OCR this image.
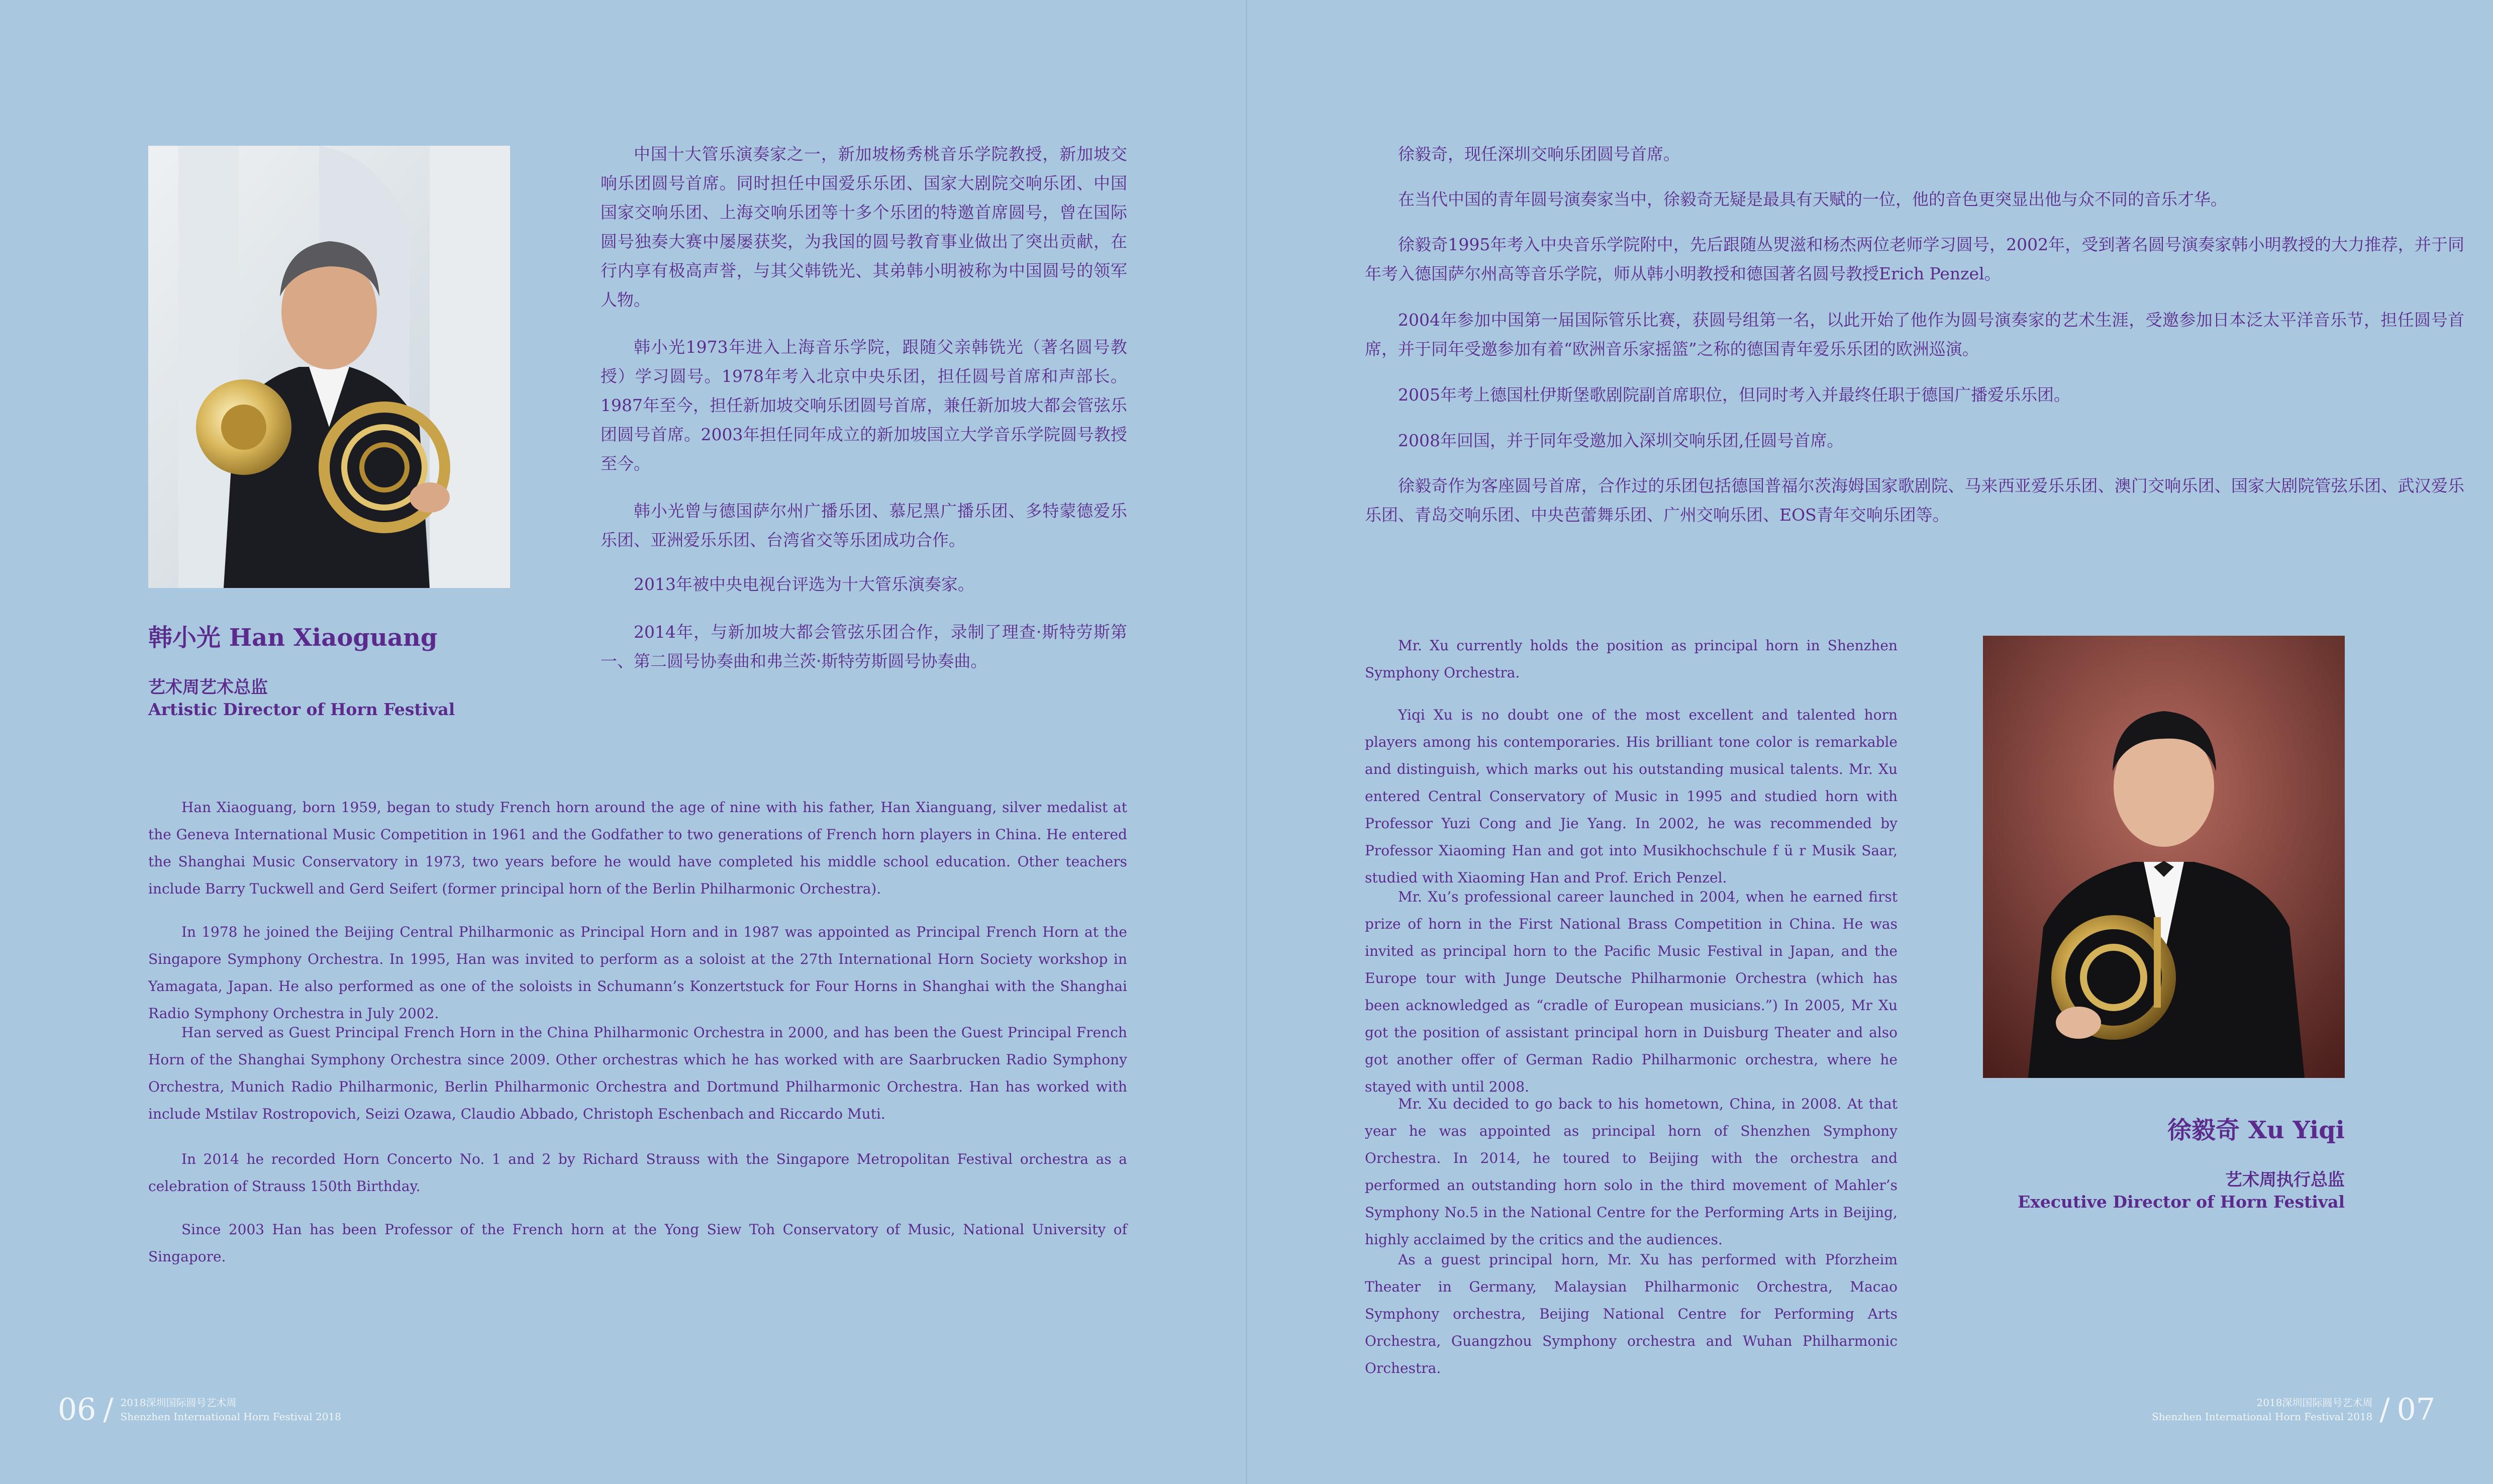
中国十大管乐演奏家之一，新加坡杨秀桃音乐学院教授，新加坡交响乐团圆号首席。同时担任中国爱乐乐团、国家大剧院交响乐团、中国国家交响乐团、上海交响乐团等十多个乐团的特邀首席圆号，曾在国际圆号独奏大赛中屡屡获奖，为我国的圆号教育事业做出了突出贡献，在行内享有极高声誉，与其父韩铣光、其弟韩小明被称为中国圆号的领军人物。

韩小光1973年进入上海音乐学院，跟随父亲韩铣光（著名圆号教授）学习圆号。1978年考入北京中央乐团，担任圆号首席和声部长。1987年至今，担任新加坡交响乐团圆号首席，兼任新加坡大都会管弦乐团圆号首席。2003年担任同年成立的新加坡国立大学音乐学院圆号教授至今。

韩小光曾与德国萨尔州广播乐团、慕尼黑广播乐团、多特蒙德爱乐乐团、亚洲爱乐乐团、台湾省交等乐团成功合作。

2013年被中央电视台评选为十大管乐演奏家。

2014年，与新加坡大都会管弦乐团合作，录制了理查·斯特劳斯第一、第二圆号协奏曲和弗兰茨·斯特劳斯圆号协奏曲。

韩小光 Han Xiaoguang

艺术周艺术总监

Artistic Director of Horn Festival

Han Xiaoguang, born 1959, began to study French horn around the age of nine with his father, Han Xianguang, silver medalist at the Geneva International Music Competition in 1961 and the Godfather to two generations of French horn players in China. He entered the Shanghai Music Conservatory in 1973, two years before he would have completed his middle school education. Other teachers include Barry Tuckwell and Gerd Seifert (former principal horn of the Berlin Philharmonic Orchestra).

In 1978 he joined the Beijing Central Philharmonic as Principal Horn and in 1987 was appointed as Principal French Horn at the Singapore Symphony Orchestra. In 1995, Han was invited to perform as a soloist at the 27th International Horn Society workshop in Yamagata, Japan. He also performed as one of the soloists in Schumann’s Konzertstuck for Four Horns in Shanghai with the Shanghai Radio Symphony Orchestra in July 2002.

Han served as Guest Principal French Horn in the China Philharmonic Orchestra in 2000, and has been the Guest Principal French Horn of the Shanghai Symphony Orchestra since 2009. Other orchestras which he has worked with are Saarbrucken Radio Symphony Orchestra, Munich Radio Philharmonic, Berlin Philharmonic Orchestra and Dortmund Philharmonic Orchestra. Han has worked with include Mstilav Rostropovich, Seizi Ozawa, Claudio Abbado, Christoph Eschenbach and Riccardo Muti.

In 2014 he recorded Horn Concerto No. 1 and 2 by Richard Strauss with the Singapore Metropolitan Festival orchestra as a celebration of Strauss 150th Birthday.

Since 2003 Han has been Professor of the French horn at the Yong Siew Toh Conservatory of Music, National University of Singapore.

06 / 2018深圳国际圆号艺术周
Shenzhen International Horn Festival 2018

徐毅奇，现任深圳交响乐团圆号首席。

在当代中国的青年圆号演奏家当中，徐毅奇无疑是最具有天赋的一位，他的音色更突显出他与众不同的音乐才华。

徐毅奇1995年考入中央音乐学院附中，先后跟随丛焸滋和杨杰两位老师学习圆号，2002年，受到著名圆号演奏家韩小明教授的大力推荐，并于同年考入德国萨尔州高等音乐学院，师从韩小明教授和德国著名圆号教授Erich Penzel。

2004年参加中国第一届国际管乐比赛，获圆号组第一名，以此开始了他作为圆号演奏家的艺术生涯，受邀参加日本泛太平洋音乐节，担任圆号首席，并于同年受邀参加有着“欧洲音乐家摇篮”之称的德国青年爱乐乐团的欧洲巡演。

2005年考上德国杜伊斯堡歌剧院副首席职位，但同时考入并最终任职于德国广播爱乐乐团。

2008年回国，并于同年受邀加入深圳交响乐团,任圆号首席。

徐毅奇作为客座圆号首席，合作过的乐团包括德国普福尔茨海姆国家歌剧院、马来西亚爱乐乐团、澳门交响乐团、国家大剧院管弦乐团、武汉爱乐乐团、青岛交响乐团、中央芭蕾舞乐团、广州交响乐团、EOS青年交响乐团等。

Mr. Xu currently holds the position as principal horn in Shenzhen Symphony Orchestra.

Yiqi Xu is no doubt one of the most excellent and talented horn players among his contemporaries. His brilliant tone color is remarkable and distinguish, which marks out his outstanding musical talents. Mr. Xu entered Central Conservatory of Music in 1995 and studied horn with Professor Yuzi Cong and Jie Yang. In 2002, he was recommended by Professor Xiaoming Han and got into Musikhochschule f ü r Musik Saar, studied with Xiaoming Han and Prof. Erich Penzel.

Mr. Xu’s professional career launched in 2004, when he earned first prize of horn in the First National Brass Competition in China. He was invited as principal horn to the Pacific Music Festival in Japan, and the Europe tour with Junge Deutsche Philharmonie Orchestra (which has been acknowledged as “cradle of European musicians.”) In 2005, Mr Xu got the position of assistant principal horn in Duisburg Theater and also got another offer of German Radio Philharmonic orchestra, where he stayed with until 2008.

Mr. Xu decided to go back to his hometown, China, in 2008. At that year he was appointed as principal horn of Shenzhen Symphony Orchestra. In 2014, he toured to Beijing with the orchestra and performed an outstanding horn solo in the third movement of Mahler’s Symphony No.5 in the National Centre for the Performing Arts in Beijing, highly acclaimed by the critics and the audiences.

As a guest principal horn, Mr. Xu has performed with Pforzheim Theater in Germany, Malaysian Philharmonic Orchestra, Macao Symphony orchestra, Beijing National Centre for Performing Arts Orchestra, Guangzhou Symphony orchestra and Wuhan Philharmonic Orchestra.

徐毅奇 Xu Yiqi

艺术周执行总监

Executive Director of Horn Festival

2018深圳国际圆号艺术周
Shenzhen International Horn Festival 2018 / 07
